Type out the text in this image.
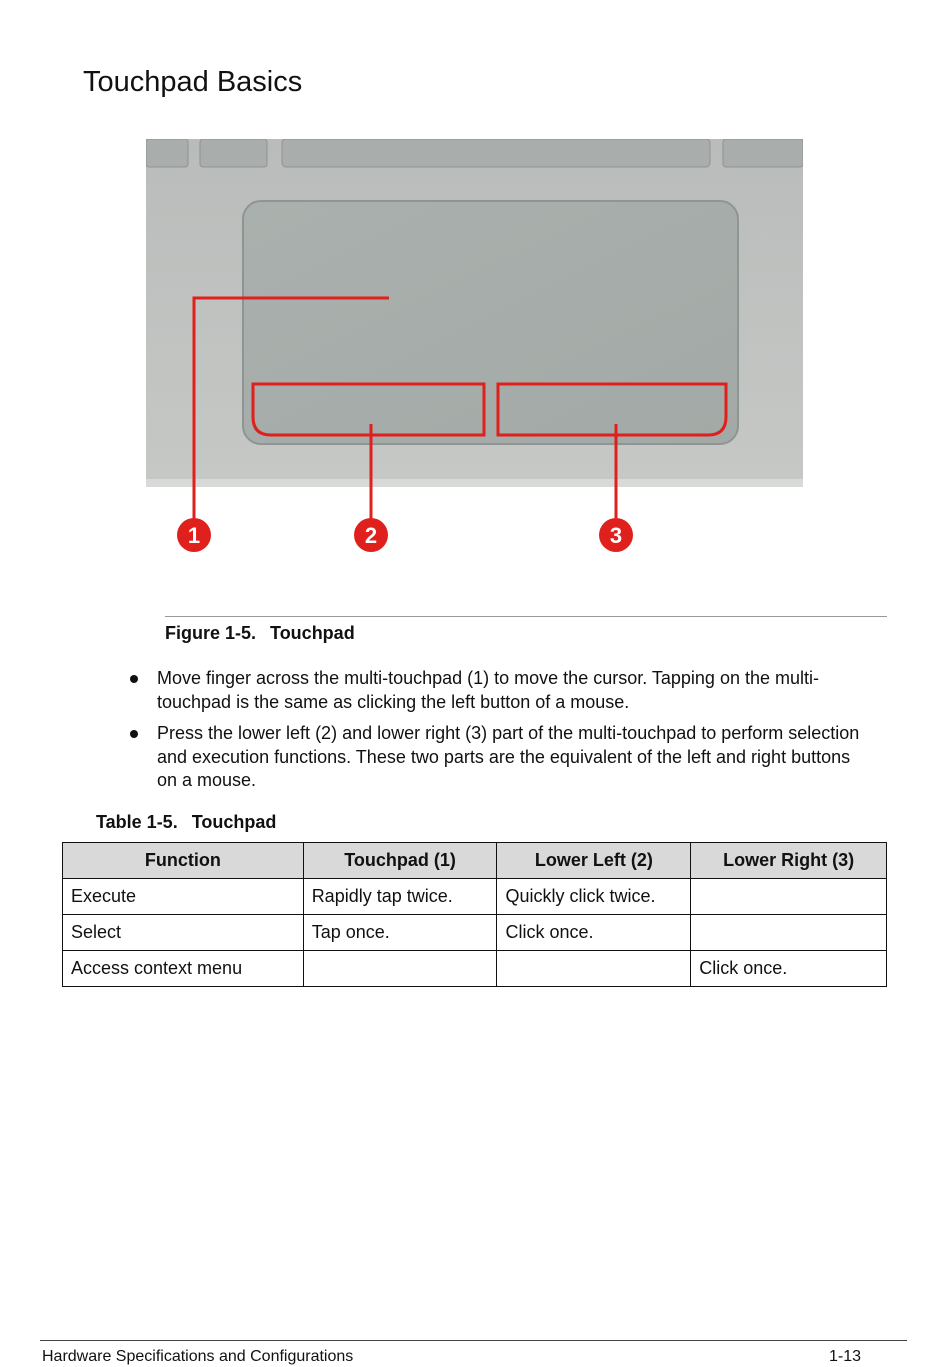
Touchpad Basics
1	2	3
Figure 1-5. Touchpad
Move finger across the multi-touchpad (1) to move the cursor. Tapping on the multi-touchpad is the same as clicking the left button of a mouse.
Press the lower left (2) and lower right (3) part of the multi-touchpad to perform selection and execution functions. These two parts are the equivalent of the left and right buttons on a mouse.
Table 1-5. Touchpad
Function	Touchpad (1)	Lower Left (2)	Lower Right (3)
Execute	Rapidly tap twice.	Quickly click twice.	
Select	Tap once.	Click once.	
Access context menu			Click once.
Hardware Specifications and Configurations	1-13
